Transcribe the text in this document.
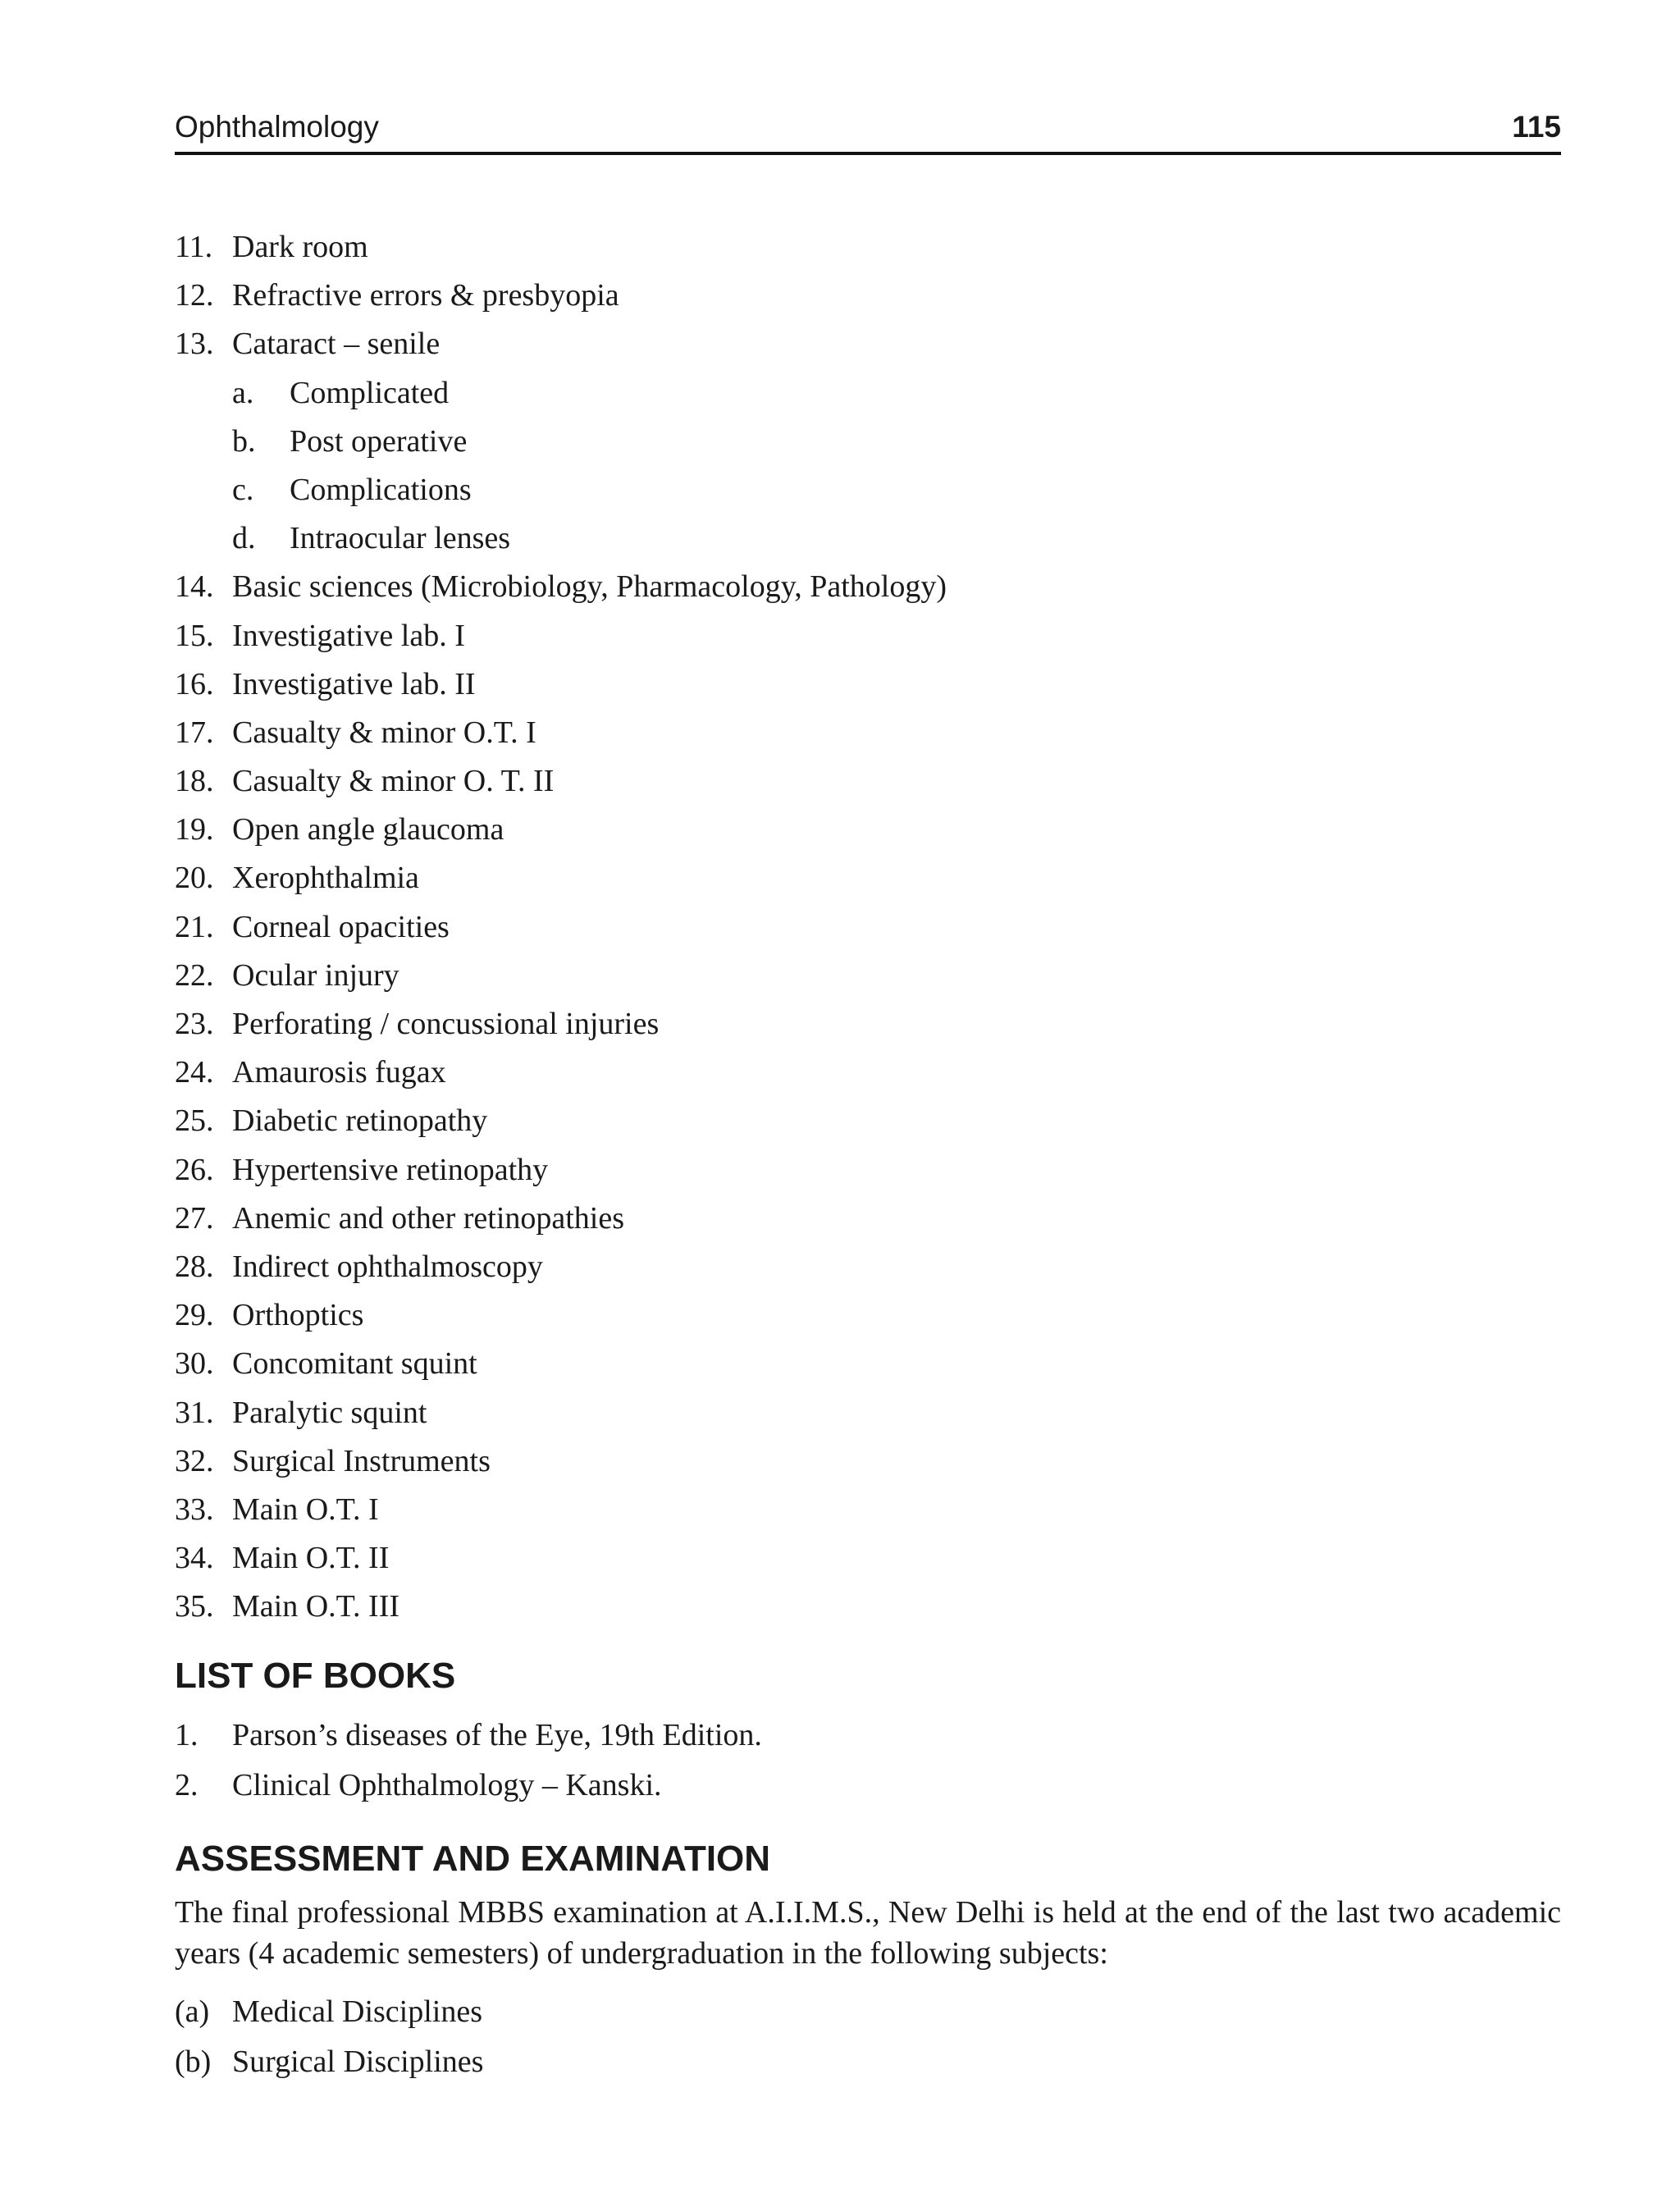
Ophthalmology	115
11. Dark room
12. Refractive errors & presbyopia
13. Cataract – senile
a. Complicated
b. Post operative
c. Complications
d. Intraocular lenses
14. Basic sciences (Microbiology, Pharmacology, Pathology)
15. Investigative lab. I
16. Investigative lab. II
17. Casualty & minor O.T. I
18. Casualty & minor O. T. II
19. Open angle glaucoma
20. Xerophthalmia
21. Corneal opacities
22. Ocular injury
23. Perforating / concussional injuries
24. Amaurosis fugax
25. Diabetic retinopathy
26. Hypertensive retinopathy
27. Anemic and other retinopathies
28. Indirect ophthalmoscopy
29. Orthoptics
30. Concomitant squint
31. Paralytic squint
32. Surgical Instruments
33. Main O.T. I
34. Main O.T. II
35. Main O.T. III
LIST OF BOOKS
1. Parson’s diseases of the Eye, 19th Edition.
2. Clinical Ophthalmology – Kanski.
ASSESSMENT AND EXAMINATION

The final professional MBBS examination at A.I.I.M.S., New Delhi is held at the end of the last two academic years (4 academic semesters) of undergraduation in the following subjects:

(a) Medical Disciplines
(b) Surgical Disciplines
